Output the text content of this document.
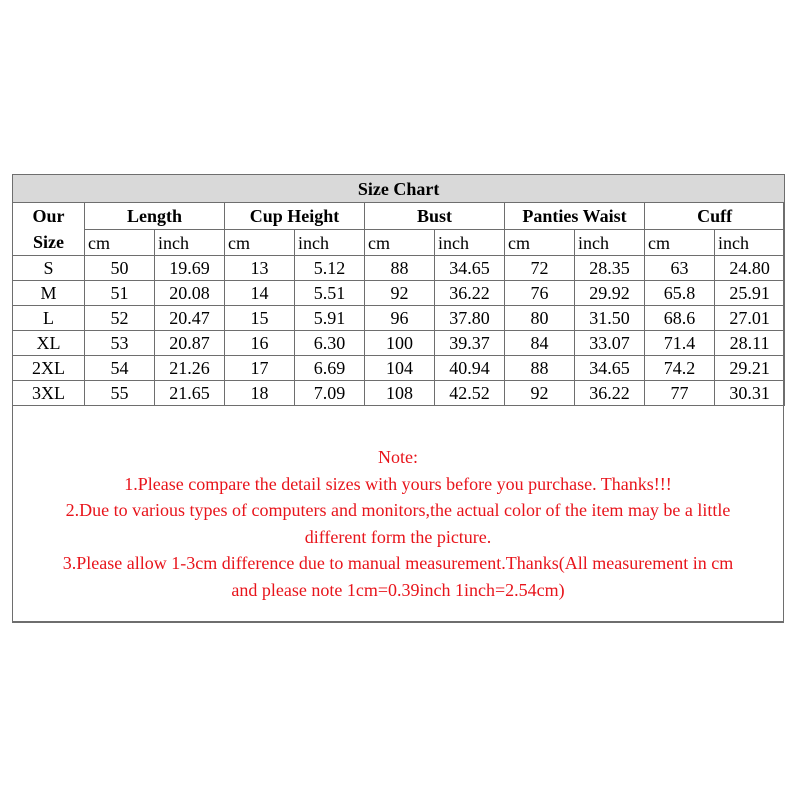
Size Chart										
Our	Length		Cup Height		Bust		Panties Waist		Cuff	
Size	cm	inch	cm	inch	cm	inch	cm	inch	cm	inch
S	50	19.69	13	5.12	88	34.65	72	28.35	63	24.80
M	51	20.08	14	5.51	92	36.22	76	29.92	65.8	25.91
L	52	20.47	15	5.91	96	37.80	80	31.50	68.6	27.01
XL	53	20.87	16	6.30	100	39.37	84	33.07	71.4	28.11
2XL	54	21.26	17	6.69	104	40.94	88	34.65	74.2	29.21
3XL	55	21.65	18	7.09	108	42.52	92	36.22	77	30.31
Note:
1.Please compare the detail sizes with yours before you purchase. Thanks!!!
2.Due to various types of computers and monitors,the actual color of the item may be a little
different form the picture.
3.Please allow 1-3cm difference due to manual measurement.Thanks(All measurement in cm
and please note 1cm=0.39inch 1inch=2.54cm)
